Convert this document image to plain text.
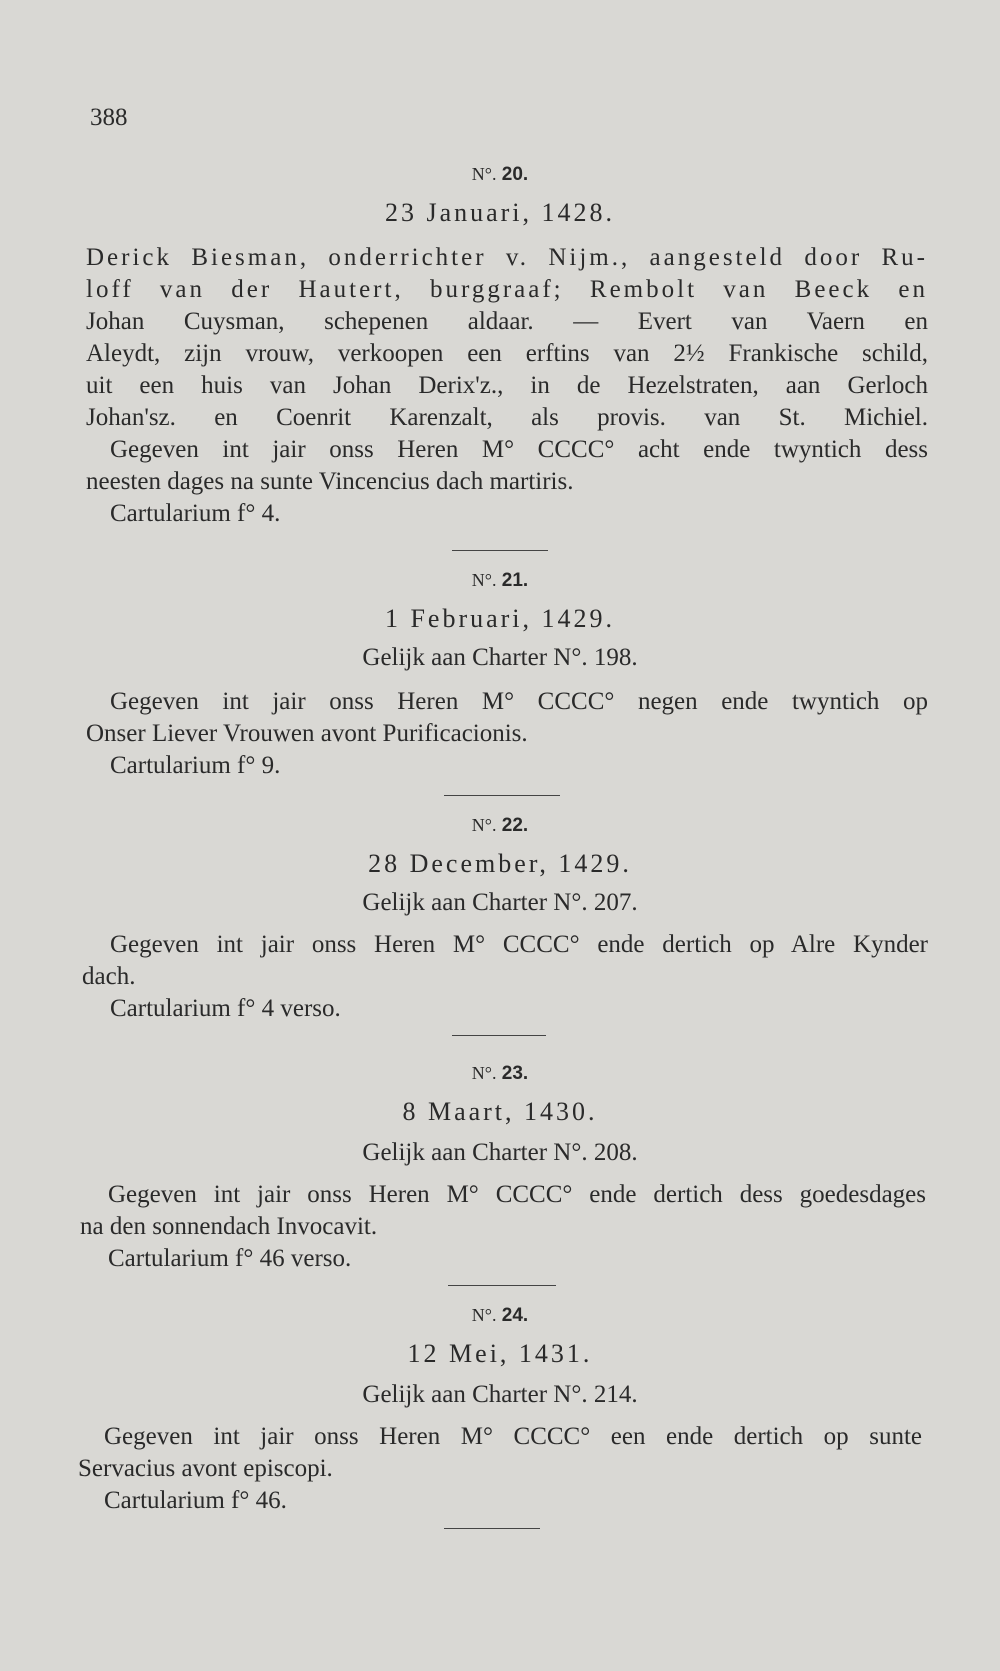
388
N°. 20.
23 Januari, 1428.
Derick Biesman, onderrichter v. Nijm., aangesteld door Ru-
loff van der Hautert, burggraaf; Rembolt van Beeck en
Johan Cuysman, schepenen aldaar. — Evert van Vaern en
Aleydt, zijn vrouw, verkoopen een erftins van 2½ Frankische schild,
uit een huis van Johan Derix'z., in de Hezelstraten, aan Gerloch
Johan'sz. en Coenrit Karenzalt, als provis. van St. Michiel.
Gegeven int jair onss Heren M° CCCC° acht ende twyntich dess
neesten dages na sunte Vincencius dach martiris.
Cartularium f° 4.
N°. 21.
1 Februari, 1429.
Gelijk aan Charter N°. 198.
Gegeven int jair onss Heren M° CCCC° negen ende twyntich op
Onser Liever Vrouwen avont Purificacionis.
Cartularium f° 9.
N°. 22.
28 December, 1429.
Gelijk aan Charter N°. 207.
Gegeven int jair onss Heren M° CCCC° ende dertich op Alre Kynder
dach.
Cartularium f° 4 verso.
N°. 23.
8 Maart, 1430.
Gelijk aan Charter N°. 208.
Gegeven int jair onss Heren M° CCCC° ende dertich dess goedesdages
na den sonnendach Invocavit.
Cartularium f° 46 verso.
N°. 24.
12 Mei, 1431.
Gelijk aan Charter N°. 214.
Gegeven int jair onss Heren M° CCCC° een ende dertich op sunte
Servacius avont episcopi.
Cartularium f° 46.
